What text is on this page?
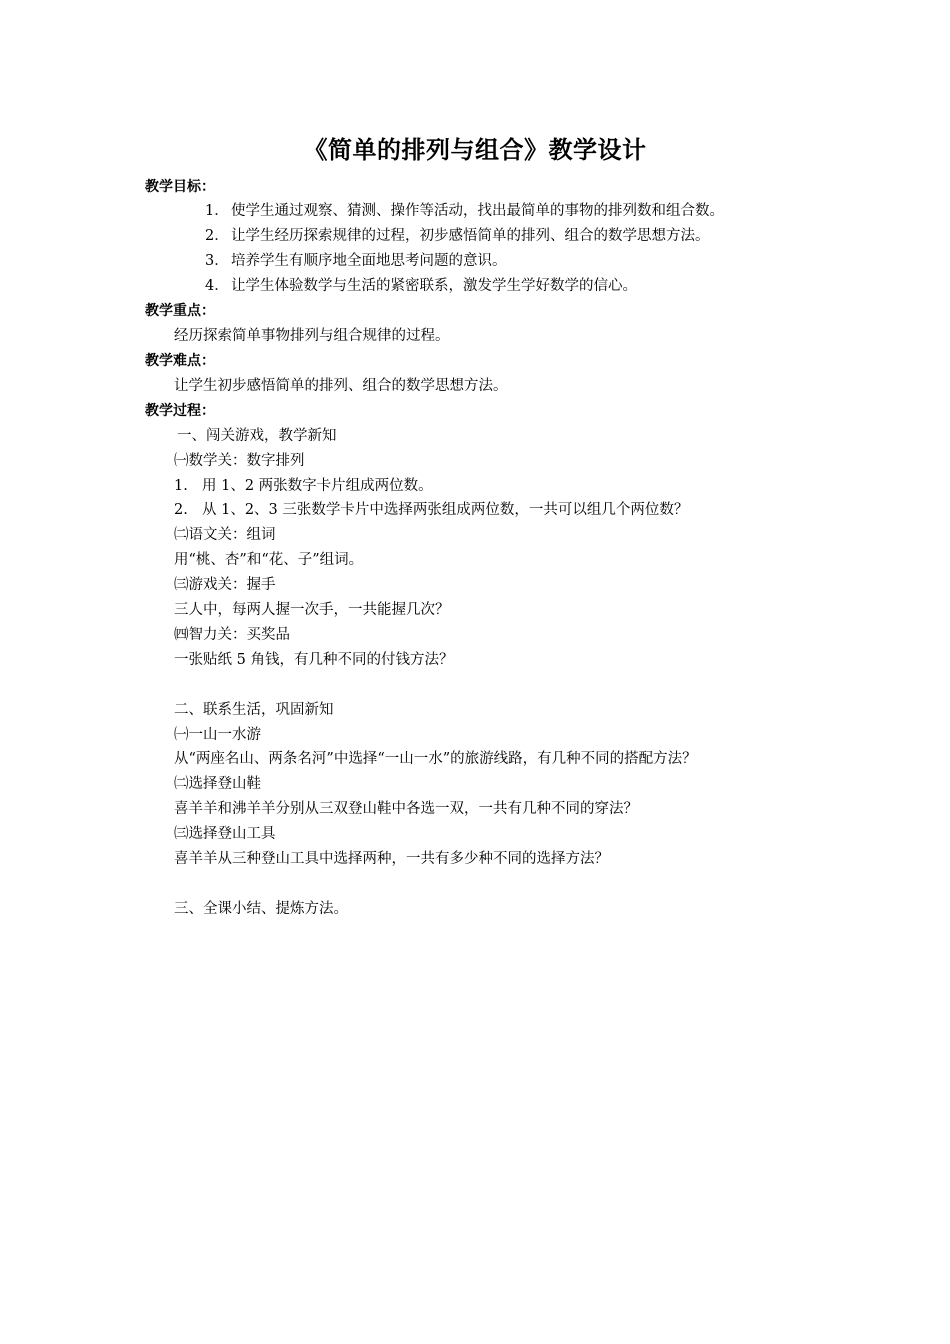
《简单的排列与组合》教学设计
教学目标：
1． 使学生通过观察、猜测、操作等活动，找出最简单的事物的排列数和组合数。
2． 让学生经历探索规律的过程，初步感悟简单的排列、组合的数学思想方法。
3． 培养学生有顺序地全面地思考问题的意识。
4． 让学生体验数学与生活的紧密联系，激发学生学好数学的信心。
教学重点：
经历探索简单事物排列与组合规律的过程。
教学难点：
让学生初步感悟简单的排列、组合的数学思想方法。
教学过程：
一、闯关游戏，教学新知
㈠数学关：数字排列
1. 用 1、2 两张数字卡片组成两位数。
2. 从 1、2、3 三张数学卡片中选择两张组成两位数，一共可以组几个两位数？
㈡语文关：组词
用“桃、杏”和“花、子”组词。
㈢游戏关：握手
三人中，每两人握一次手，一共能握几次？
㈣智力关：买奖品
一张贴纸 5 角钱，有几种不同的付钱方法？
二、联系生活，巩固新知
㈠一山一水游
从“两座名山、两条名河”中选择“一山一水”的旅游线路，有几种不同的搭配方法？
㈡选择登山鞋
喜羊羊和沸羊羊分别从三双登山鞋中各选一双，一共有几种不同的穿法？
㈢选择登山工具
喜羊羊从三种登山工具中选择两种，一共有多少种不同的选择方法？
三、全课小结、提炼方法。
